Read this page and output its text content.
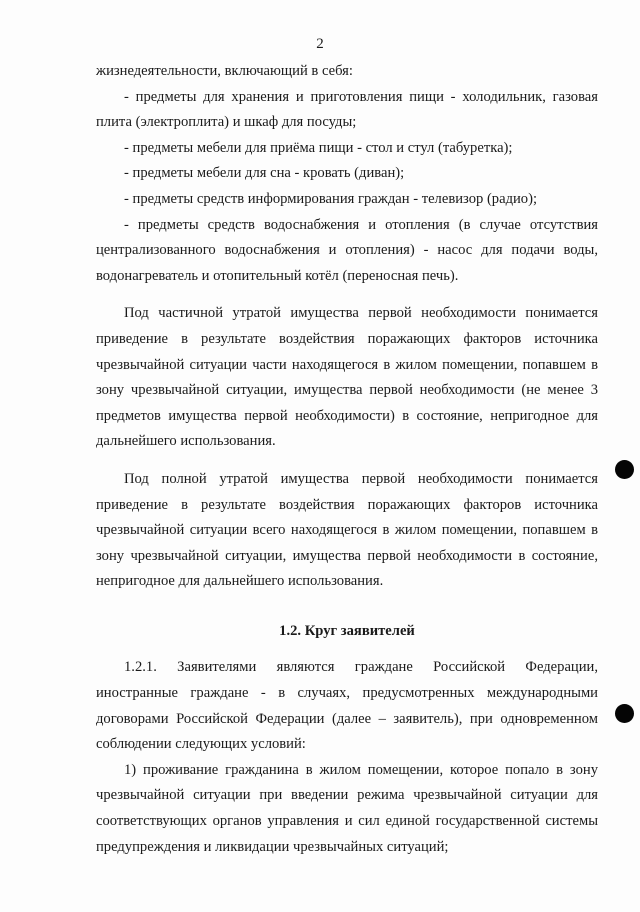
2

жизнедеятельности, включающий в себя:

- предметы для хранения и приготовления пищи - холодильник, газовая плита (электроплита) и шкаф для посуды;

- предметы мебели для приёма пищи - стол и стул (табуретка);

- предметы мебели для сна - кровать (диван);

- предметы средств информирования граждан - телевизор (радио);

- предметы средств водоснабжения и отопления (в случае отсутствия централизованного водоснабжения и отопления) - насос для подачи воды, водонагреватель и отопительный котёл (переносная печь).

Под частичной утратой имущества первой необходимости понимается приведение в результате воздействия поражающих факторов источника чрезвычайной ситуации части находящегося в жилом помещении, попавшем в зону чрезвычайной ситуации, имущества первой необходимости (не менее 3 предметов имущества первой необходимости) в состояние, непригодное для дальнейшего использования.

Под полной утратой имущества первой необходимости понимается приведение в результате воздействия поражающих факторов источника чрезвычайной ситуации всего находящегося в жилом помещении, попавшем в зону чрезвычайной ситуации, имущества первой необходимости в состояние, непригодное для дальнейшего использования.

1.2. Круг заявителей

1.2.1. Заявителями являются граждане Российской Федерации, иностранные граждане - в случаях, предусмотренных международными договорами Российской Федерации (далее – заявитель), при одновременном соблюдении следующих условий:

1) проживание гражданина в жилом помещении, которое попало в зону чрезвычайной ситуации при введении режима чрезвычайной ситуации для соответствующих органов управления и сил единой государственной системы предупреждения и ликвидации чрезвычайных ситуаций;
